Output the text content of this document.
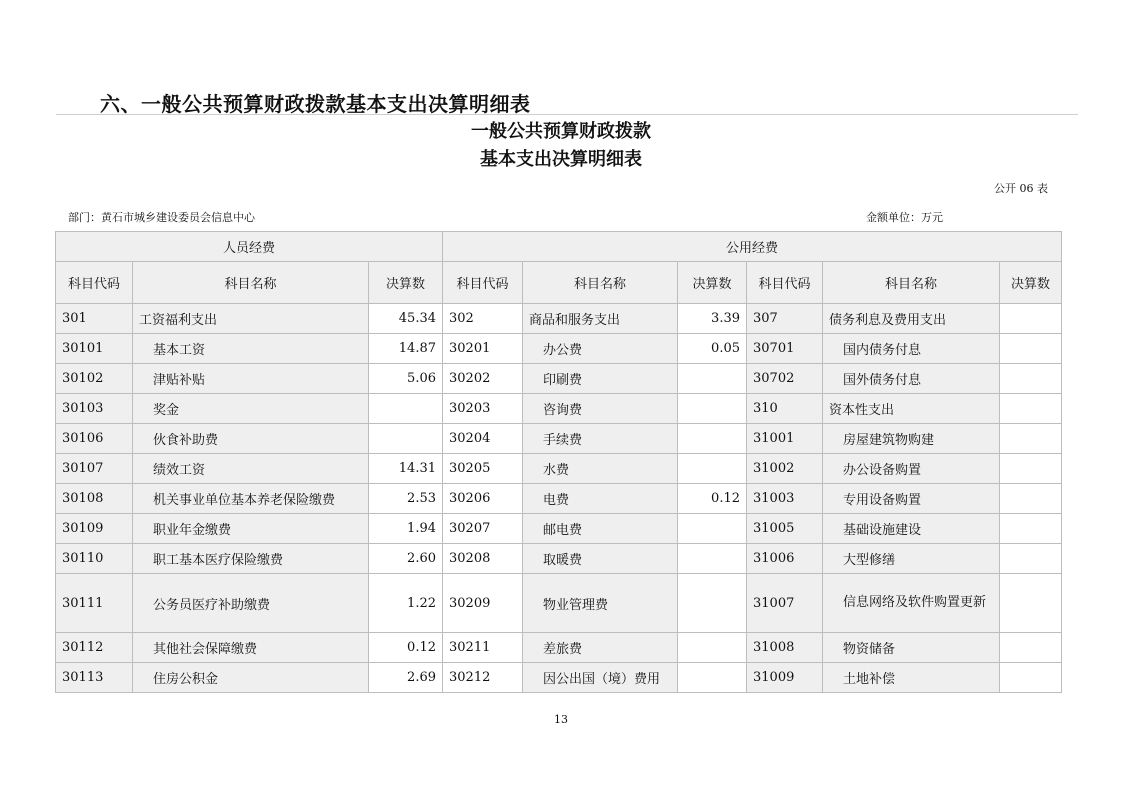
六、一般公共预算财政拨款基本支出决算明细表
一般公共预算财政拨款
基本支出决算明细表
公开 06 表
部门：黄石市城乡建设委员会信息中心	金额单位：万元
人员经费			公用经费					
科目代码	科目名称	决算数	科目代码	科目名称	决算数	科目代码	科目名称	决算数
301	工资福利支出	45.34	302	商品和服务支出	3.39	307	债务利息及费用支出	
30101	基本工资	14.87	30201	办公费	0.05	30701	国内债务付息	
30102	津贴补贴	5.06	30202	印刷费		30702	国外债务付息	
30103	奖金		30203	咨询费		310	资本性支出	
30106	伙食补助费		30204	手续费		31001	房屋建筑物购建	
30107	绩效工资	14.31	30205	水费		31002	办公设备购置	
30108	机关事业单位基本养老保险缴费	2.53	30206	电费	0.12	31003	专用设备购置	
30109	职业年金缴费	1.94	30207	邮电费		31005	基础设施建设	
30110	职工基本医疗保险缴费	2.60	30208	取暖费		31006	大型修缮	
30111	公务员医疗补助缴费	1.22	30209	物业管理费		31007	信息网络及软件购置更新	
30112	其他社会保障缴费	0.12	30211	差旅费		31008	物资储备	
30113	住房公积金	2.69	30212	因公出国（境）费用		31009	土地补偿	
13
